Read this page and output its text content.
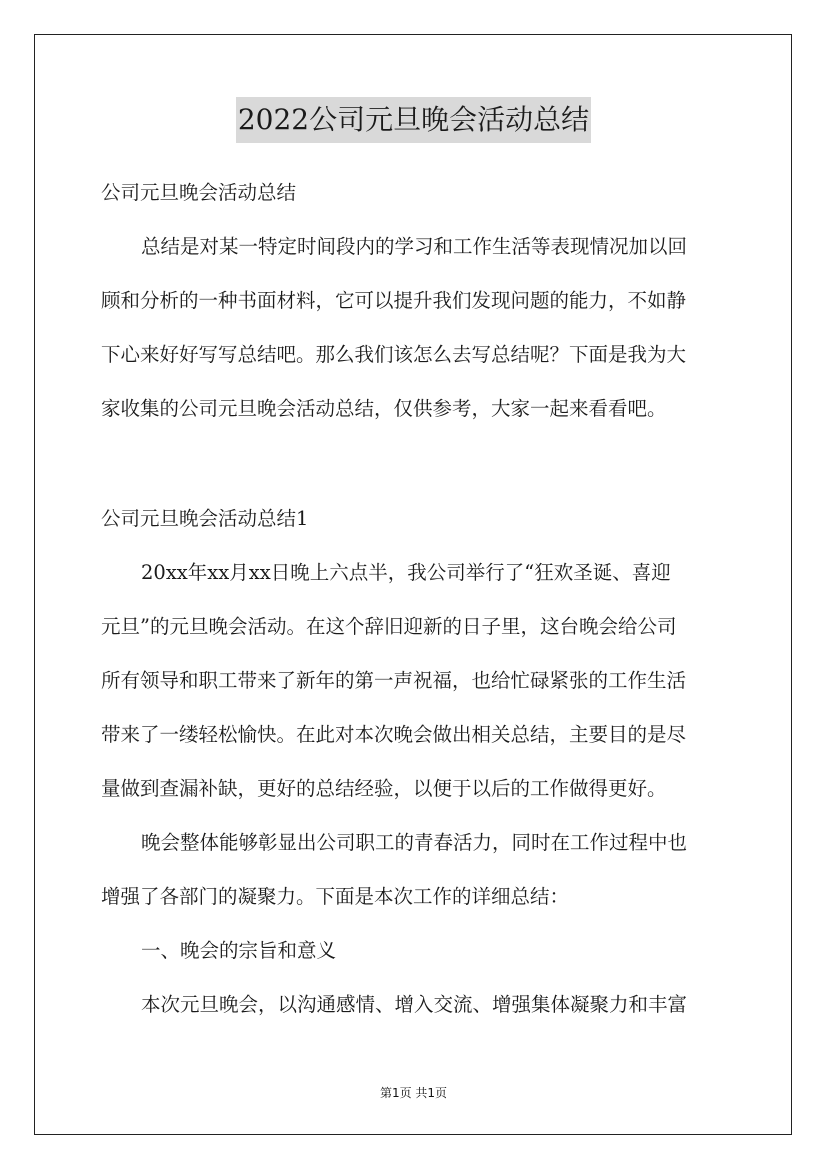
2022公司元旦晚会活动总结

公司元旦晚会活动总结

总结是对某一特定时间段内的学习和工作生活等表现情况加以回

顾和分析的一种书面材料，它可以提升我们发现问题的能力，不如静

下心来好好写写总结吧。那么我们该怎么去写总结呢？下面是我为大

家收集的公司元旦晚会活动总结，仅供参考，大家一起来看看吧。

公司元旦晚会活动总结1

20xx年xx月xx日晚上六点半，我公司举行了“狂欢圣诞、喜迎

元旦”的元旦晚会活动。在这个辞旧迎新的日子里，这台晚会给公司

所有领导和职工带来了新年的第一声祝福，也给忙碌紧张的工作生活

带来了一缕轻松愉快。在此对本次晚会做出相关总结，主要目的是尽

量做到查漏补缺，更好的总结经验，以便于以后的工作做得更好。

晚会整体能够彰显出公司职工的青春活力，同时在工作过程中也

增强了各部门的凝聚力。下面是本次工作的详细总结：

一、晚会的宗旨和意义

本次元旦晚会，以沟通感情、增入交流、增强集体凝聚力和丰富

第1页 共1页
